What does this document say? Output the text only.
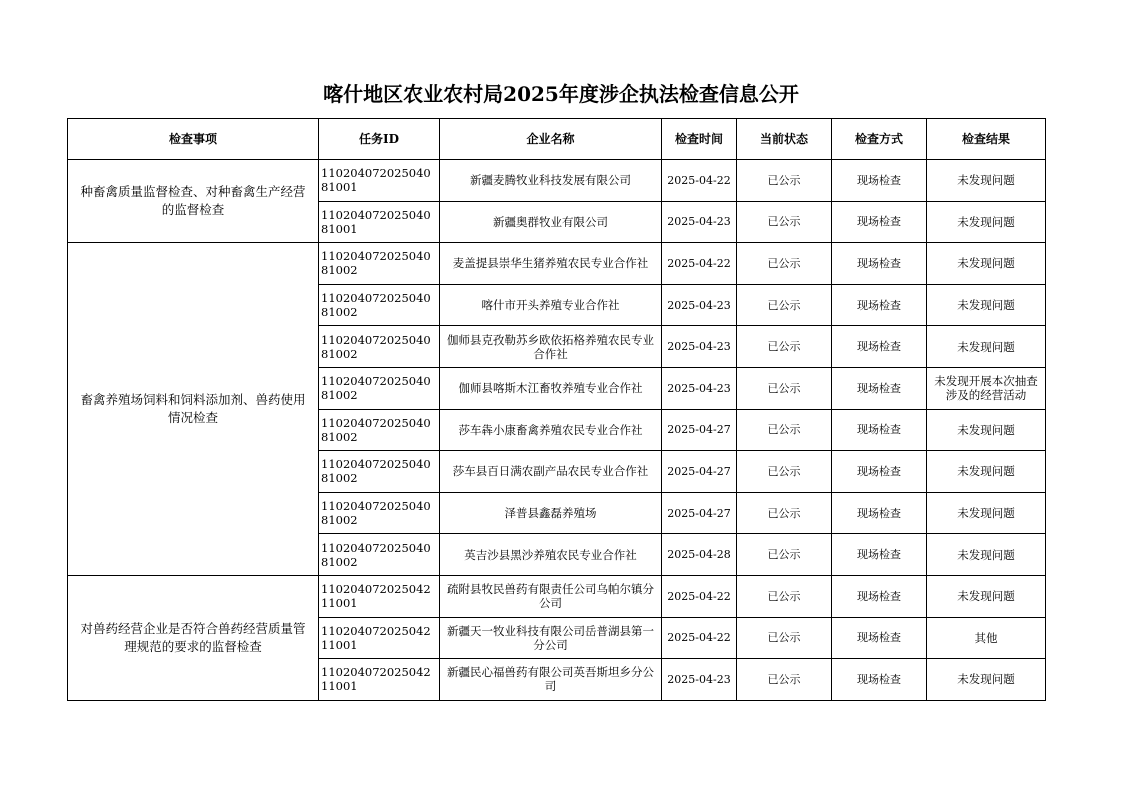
喀什地区农业农村局2025年度涉企执法检查信息公开
检查事项	任务ID	企业名称	检查时间	当前状态	检查方式	检查结果
种畜禽质量监督检查、对种畜禽生产经营的监督检查	11020407202504081001	新疆麦腾牧业科技发展有限公司	2025-04-22	已公示	现场检查	未发现问题
	11020407202504081001	新疆奥群牧业有限公司	2025-04-23	已公示	现场检查	未发现问题
畜禽养殖场饲料和饲料添加剂、兽药使用情况检查	11020407202504081002	麦盖提县崇华生猪养殖农民专业合作社	2025-04-22	已公示	现场检查	未发现问题
	11020407202504081002	喀什市开头养殖专业合作社	2025-04-23	已公示	现场检查	未发现问题
	11020407202504081002	伽师县克孜勒苏乡欧依拓格养殖农民专业合作社	2025-04-23	已公示	现场检查	未发现问题
	11020407202504081002	伽师县喀斯木江畜牧养殖专业合作社	2025-04-23	已公示	现场检查	未发现开展本次抽查涉及的经营活动
	11020407202504081002	莎车犇小康畜禽养殖农民专业合作社	2025-04-27	已公示	现场检查	未发现问题
	11020407202504081002	莎车县百日满农副产品农民专业合作社	2025-04-27	已公示	现场检查	未发现问题
	11020407202504081002	泽普县鑫磊养殖场	2025-04-27	已公示	现场检查	未发现问题
	11020407202504081002	英吉沙县黑沙养殖农民专业合作社	2025-04-28	已公示	现场检查	未发现问题
对兽药经营企业是否符合兽药经营质量管理规范的要求的监督检查	11020407202504211001	疏附县牧民兽药有限责任公司乌帕尔镇分公司	2025-04-22	已公示	现场检查	未发现问题
	11020407202504211001	新疆天一牧业科技有限公司岳普湖县第一分公司	2025-04-22	已公示	现场检查	其他
	11020407202504211001	新疆民心福兽药有限公司英吾斯坦乡分公司	2025-04-23	已公示	现场检查	未发现问题
